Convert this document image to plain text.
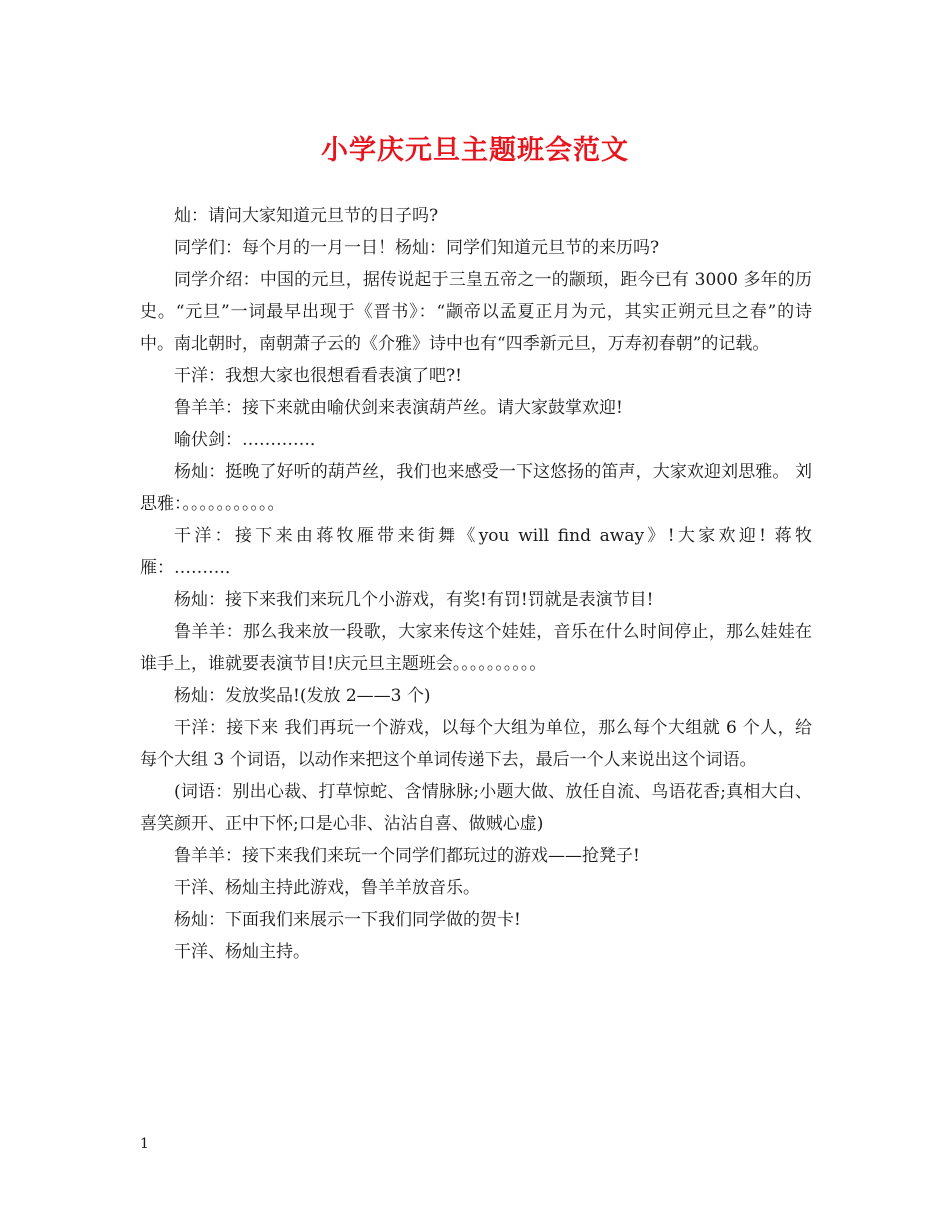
小学庆元旦主题班会范文

灿：请问大家知道元旦节的日子吗?

同学们：每个月的一月一日！杨灿：同学们知道元旦节的来历吗?

同学介绍：中国的元旦，据传说起于三皇五帝之一的颛顼，距今已有 3000 多年的历史。“元旦”一词最早出现于《晋书》：“颛帝以孟夏正月为元，其实正朔元旦之春”的诗中。南北朝时，南朝萧子云的《介雅》诗中也有“四季新元旦，万寿初春朝”的记载。

干洋：我想大家也很想看看表演了吧?!

鲁羊羊：接下来就由喻伏剑来表演葫芦丝。请大家鼓掌欢迎!

喻伏剑：…………．

杨灿：挺晚了好听的葫芦丝，我们也来感受一下这悠扬的笛声，大家欢迎刘思雅。 刘思雅：。。。。。。。。。。。

干洋：接下来由蒋牧雁带来街舞《you will find away》!大家欢迎! 蒋牧雁：………．

杨灿：接下来我们来玩几个小游戏，有奖!有罚!罚就是表演节目!

鲁羊羊：那么我来放一段歌，大家来传这个娃娃，音乐在什么时间停止，那么娃娃在谁手上，谁就要表演节目!庆元旦主题班会。。。。。。。。。。

杨灿：发放奖品!(发放 2——3 个)

干洋：接下来 我们再玩一个游戏，以每个大组为单位，那么每个大组就 6 个人，给每个大组 3 个词语，以动作来把这个单词传递下去，最后一个人来说出这个词语。

(词语：别出心裁、打草惊蛇、含情脉脉;小题大做、放任自流、鸟语花香;真相大白、喜笑颜开、正中下怀;口是心非、沾沾自喜、做贼心虚)

鲁羊羊：接下来我们来玩一个同学们都玩过的游戏——抢凳子!

干洋、杨灿主持此游戏，鲁羊羊放音乐。

杨灿：下面我们来展示一下我们同学做的贺卡!

干洋、杨灿主持。

1
